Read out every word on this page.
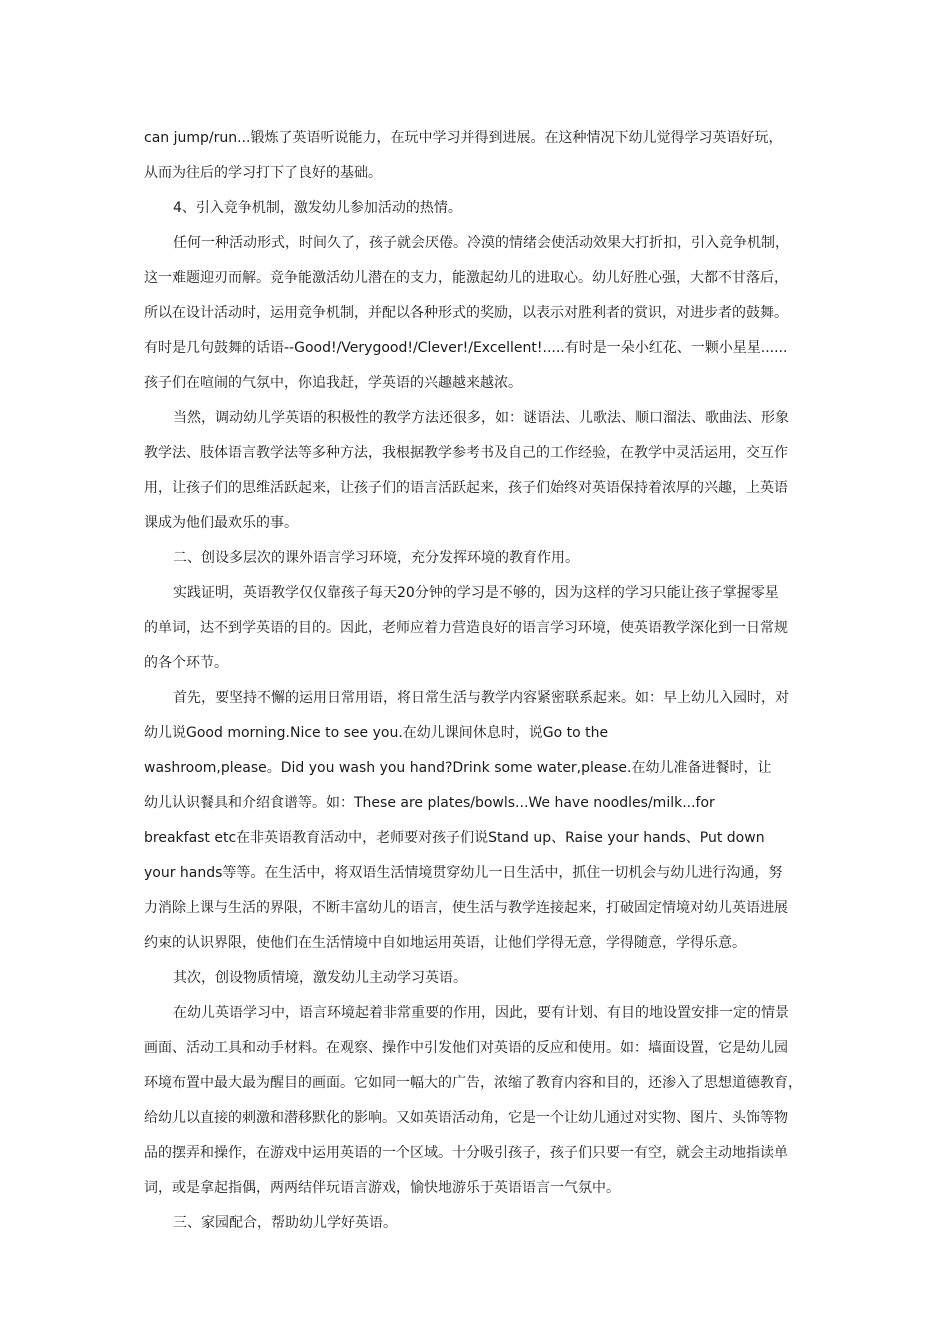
can jump/run...锻炼了英语听说能力，在玩中学习并得到进展。在这种情况下幼儿觉得学习英语好玩，
从而为往后的学习打下了良好的基础。
4、引入竞争机制，激发幼儿参加活动的热情。
任何一种活动形式，时间久了，孩子就会厌倦。冷漠的情绪会使活动效果大打折扣，引入竞争机制，
这一难题迎刃而解。竞争能激活幼儿潜在的支力，能激起幼儿的进取心。幼儿好胜心强，大都不甘落后，
所以在设计活动时，运用竞争机制，并配以各种形式的奖励，以表示对胜利者的赏识，对进步者的鼓舞。
有时是几句鼓舞的话语--Good!/Verygood!/Clever!/Excellent!.....有时是一朵小红花、一颗小星星......
孩子们在喧闹的气氛中，你追我赶，学英语的兴趣越来越浓。
当然，调动幼儿学英语的积极性的教学方法还很多，如：谜语法、儿歌法、顺口溜法、歌曲法、形象
教学法、肢体语言教学法等多种方法，我根据教学参考书及自己的工作经验，在教学中灵活运用，交互作
用，让孩子们的思维活跃起来，让孩子们的语言活跃起来，孩子们始终对英语保持着浓厚的兴趣，上英语
课成为他们最欢乐的事。
二、创设多层次的课外语言学习环境，充分发挥环境的教育作用。
实践证明，英语教学仅仅靠孩子每天20分钟的学习是不够的，因为这样的学习只能让孩子掌握零星
的单词，达不到学英语的目的。因此，老师应着力营造良好的语言学习环境，使英语教学深化到一日常规
的各个环节。
首先，要坚持不懈的运用日常用语，将日常生活与教学内容紧密联系起来。如：早上幼儿入园时，对
幼儿说Good morning.Nice to see you.在幼儿课间休息时，说Go to the
washroom,please。Did you wash you hand?Drink some water,please.在幼儿准备进餐时，让
幼儿认识餐具和介绍食谱等。如：These are plates/bowls...We have noodles/milk...for
breakfast etc在非英语教育活动中，老师要对孩子们说Stand up、Raise your hands、Put down
your hands等等。在生活中，将双语生活情境贯穿幼儿一日生活中，抓住一切机会与幼儿进行沟通，努
力消除上课与生活的界限，不断丰富幼儿的语言，使生活与教学连接起来，打破固定情境对幼儿英语进展
约束的认识界限，使他们在生活情境中自如地运用英语，让他们学得无意，学得随意，学得乐意。
其次，创设物质情境，激发幼儿主动学习英语。
在幼儿英语学习中，语言环境起着非常重要的作用，因此，要有计划、有目的地设置安排一定的情景
画面、活动工具和动手材料。在观察、操作中引发他们对英语的反应和使用。如：墙面设置，它是幼儿园
环境布置中最大最为醒目的画面。它如同一幅大的广告，浓缩了教育内容和目的，还渗入了思想道德教育，
给幼儿以直接的刺激和潜移默化的影响。又如英语活动角，它是一个让幼儿通过对实物、图片、头饰等物
品的摆弄和操作，在游戏中运用英语的一个区域。十分吸引孩子，孩子们只要一有空，就会主动地指读单
词，或是拿起指偶，两两结伴玩语言游戏，愉快地游乐于英语语言一气氛中。
三、家园配合，帮助幼儿学好英语。
